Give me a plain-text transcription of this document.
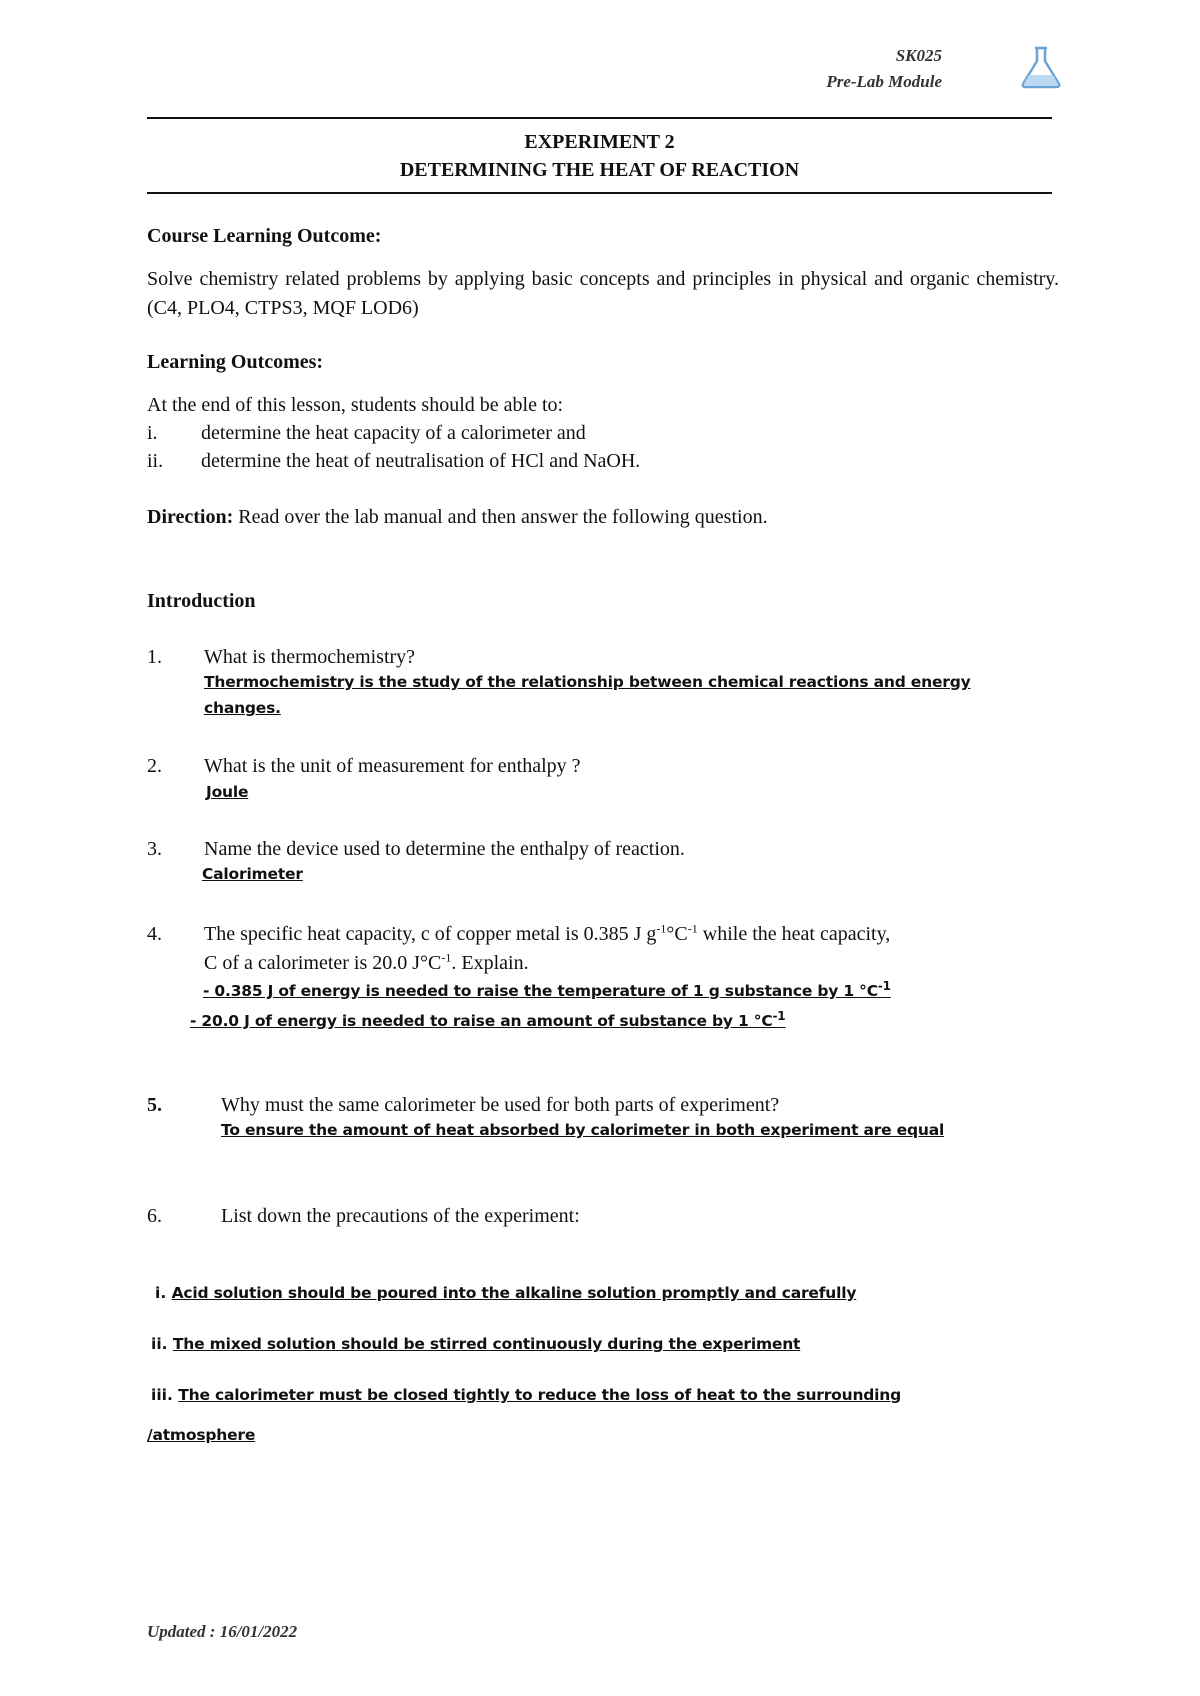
SK025
Pre-Lab Module
EXPERIMENT 2
DETERMINING THE HEAT OF REACTION
Course Learning Outcome:
Solve chemistry related problems by applying basic concepts and principles in physical and organic chemistry. (C4, PLO4, CTPS3, MQF LOD6)
Learning Outcomes:
At the end of this lesson, students should be able to:
i. determine the heat capacity of a calorimeter and
ii. determine the heat of neutralisation of HCl and NaOH.
Direction: Read over the lab manual and then answer the following question.
Introduction
1. What is thermochemistry?
Thermochemistry is the study of the relationship between chemical reactions and energy
changes.
2. What is the unit of measurement for enthalpy ?
Joule
3. Name the device used to determine the enthalpy of reaction.
Calorimeter
4. The specific heat capacity, c of copper metal is 0.385 J $g^{-1}^\circ C^{-1}$ while the heat capacity,
C of a calorimeter is 20.0 $J^\circ C^{-1}$. Explain.
- 0.385 J of energy is needed to raise the temperature of 1 g substance by 1 $^\circ C^{-1}$
- 20.0 J of energy is needed to raise an amount of substance by 1 $^\circ C^{-1}$
5.	Why must the same calorimeter be used for both parts of experiment?
To ensure the amount of heat absorbed by calorimeter in both experiment are equal
6.	List down the precautions of the experiment:
i. Acid solution should be poured into the alkaline solution promptly and carefully
ii. The mixed solution should be stirred continuously during the experiment
iii. The calorimeter must be closed tightly to reduce the loss of heat to the surrounding
/atmosphere
Updated : 16/01/2022
